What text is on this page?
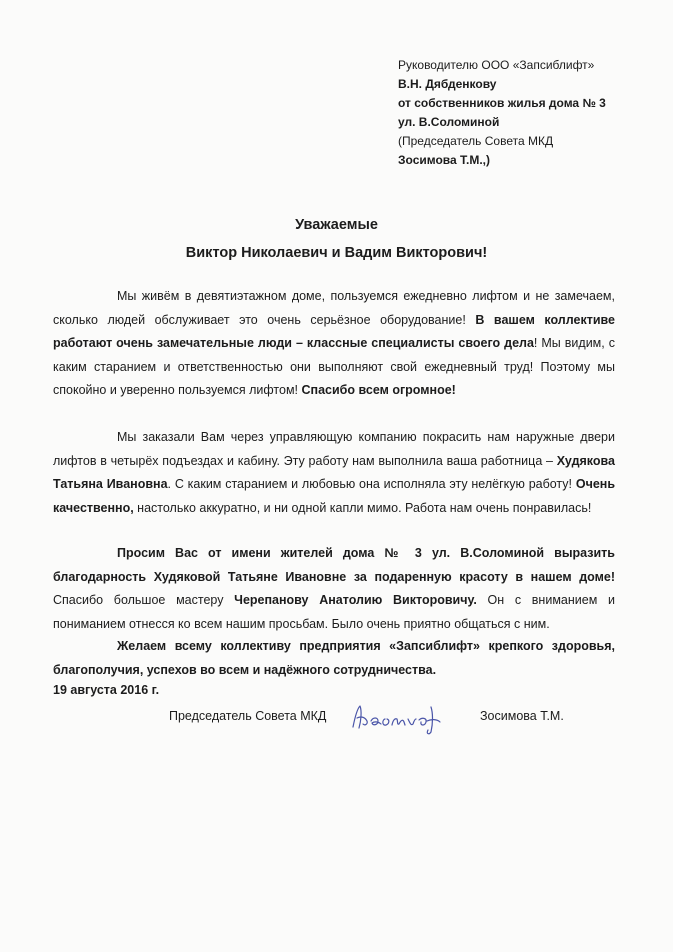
Руководителю ООО «Запсиблифт»
В.Н. Дябденкову
от собственников жилья дома № 3
ул. В.Соломиной
(Председатель Совета МКД
Зосимова Т.М.,)
Уважаемые
Виктор Николаевич и Вадим Викторович!
Мы живём в девятиэтажном доме, пользуемся ежедневно лифтом и не замечаем, сколько людей обслуживает это очень серьёзное оборудование! В вашем коллективе работают очень замечательные люди – классные специалисты своего дела! Мы видим, с каким старанием и ответственностью они выполняют свой ежедневный труд! Поэтому мы спокойно и уверенно пользуемся лифтом! Спасибо всем огромное!
Мы заказали Вам через управляющую компанию покрасить нам наружные двери лифтов в четырёх подъездах и кабину. Эту работу нам выполнила ваша работница – Худякова Татьяна Ивановна. С каким старанием и любовью она исполняла эту нелёгкую работу! Очень качественно, настолько аккуратно, и ни одной капли мимо. Работа нам очень понравилась!
Просим Вас от имени жителей дома № 3 ул. В.Соломиной выразить благодарность Худяковой Татьяне Ивановне за подаренную красоту в нашем доме! Спасибо большое мастеру Черепанову Анатолию Викторовичу. Он с вниманием и пониманием отнесся ко всем нашим просьбам. Было очень приятно общаться с ним.
Желаем всему коллективу предприятия «Запсиблифт» крепкого здоровья, благополучия, успехов во всем и надёжного сотрудничества.
19 августа 2016 г.
Председатель Совета МКД	Зосимова Т.М.
